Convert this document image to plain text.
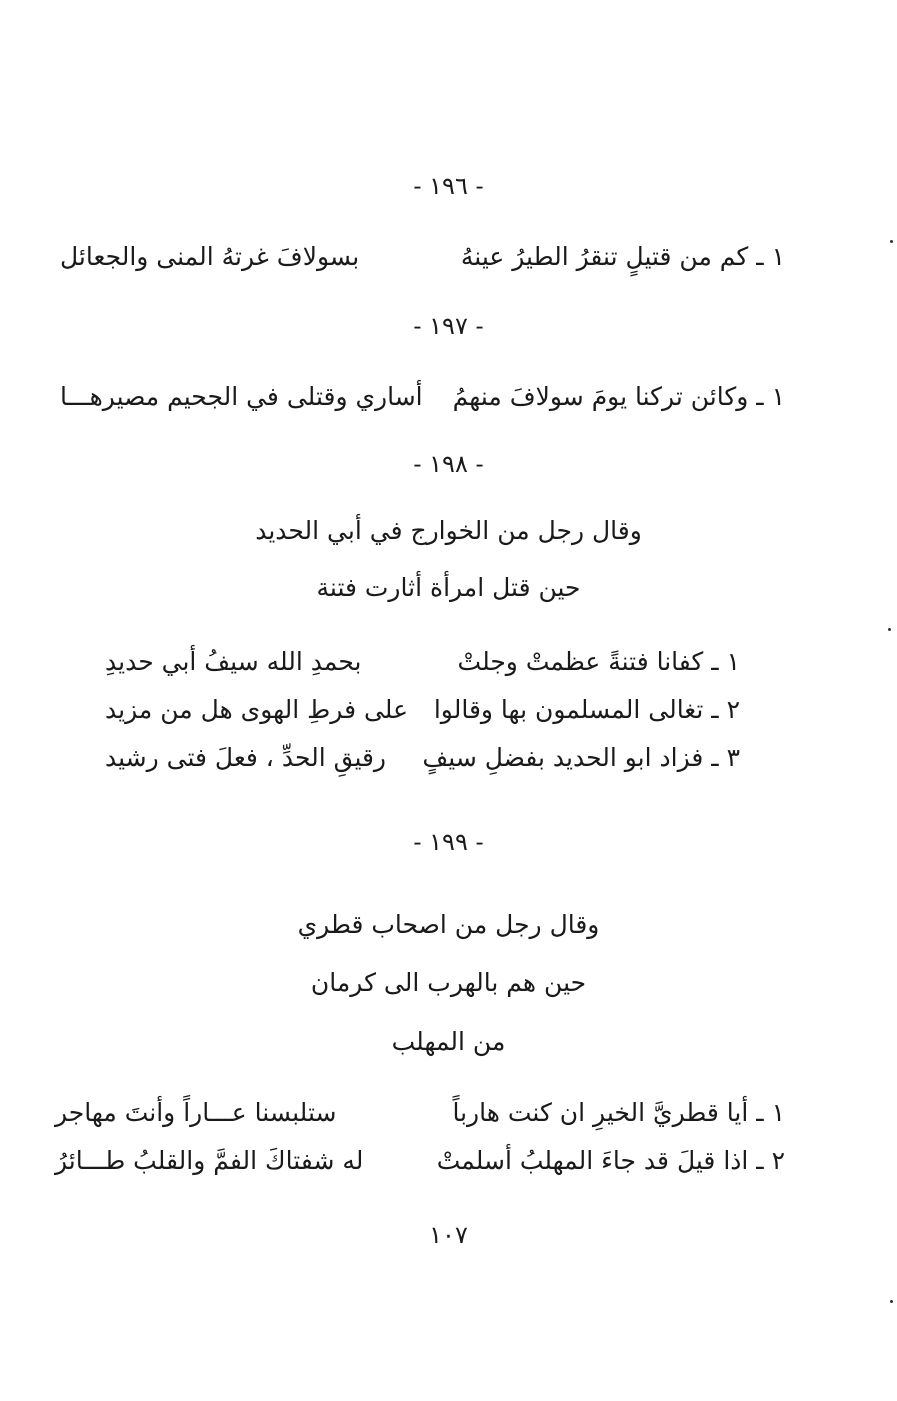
- ١٩٦ -
١ ـ كم من قتيلٍ تنقرُ الطيرُ عينهُ
بسولافَ غرتهُ المنى والجعائل
- ١٩٧ -
١ ـ وكائن تركنا يومَ سولافَ منهمُ
أساري وقتلى في الجحيم مصيرهـــا
- ١٩٨ -
وقال رجل من الخوارج في أبي الحديد
حين قتل امرأة أثارت فتنة
١ ـ كفانا فتنةً عظمتْ وجلتْ
بحمدِ الله سيفُ أبي حديدِ
٢ ـ تغالى المسلمون بها وقالوا
على فرطِ الهوى هل من مزيد
٣ ـ فزاد ابو الحديد بفضلِ سيفٍ
رقيقِ الحدِّ ، فعلَ فتى رشيد
- ١٩٩ -
وقال رجل من اصحاب قطري
حين هم بالهرب الى كرمان
من المهلب
١ ـ أيا قطريَّ الخيرِ ان كنت هارباً
ستلبسنا عـــاراً وأنتَ مهاجر
٢ ـ اذا قيلَ قد جاءَ المهلبُ أسلمتْ
له شفتاكَ الفمَّ والقلبُ طـــائرُ
١٠٧
